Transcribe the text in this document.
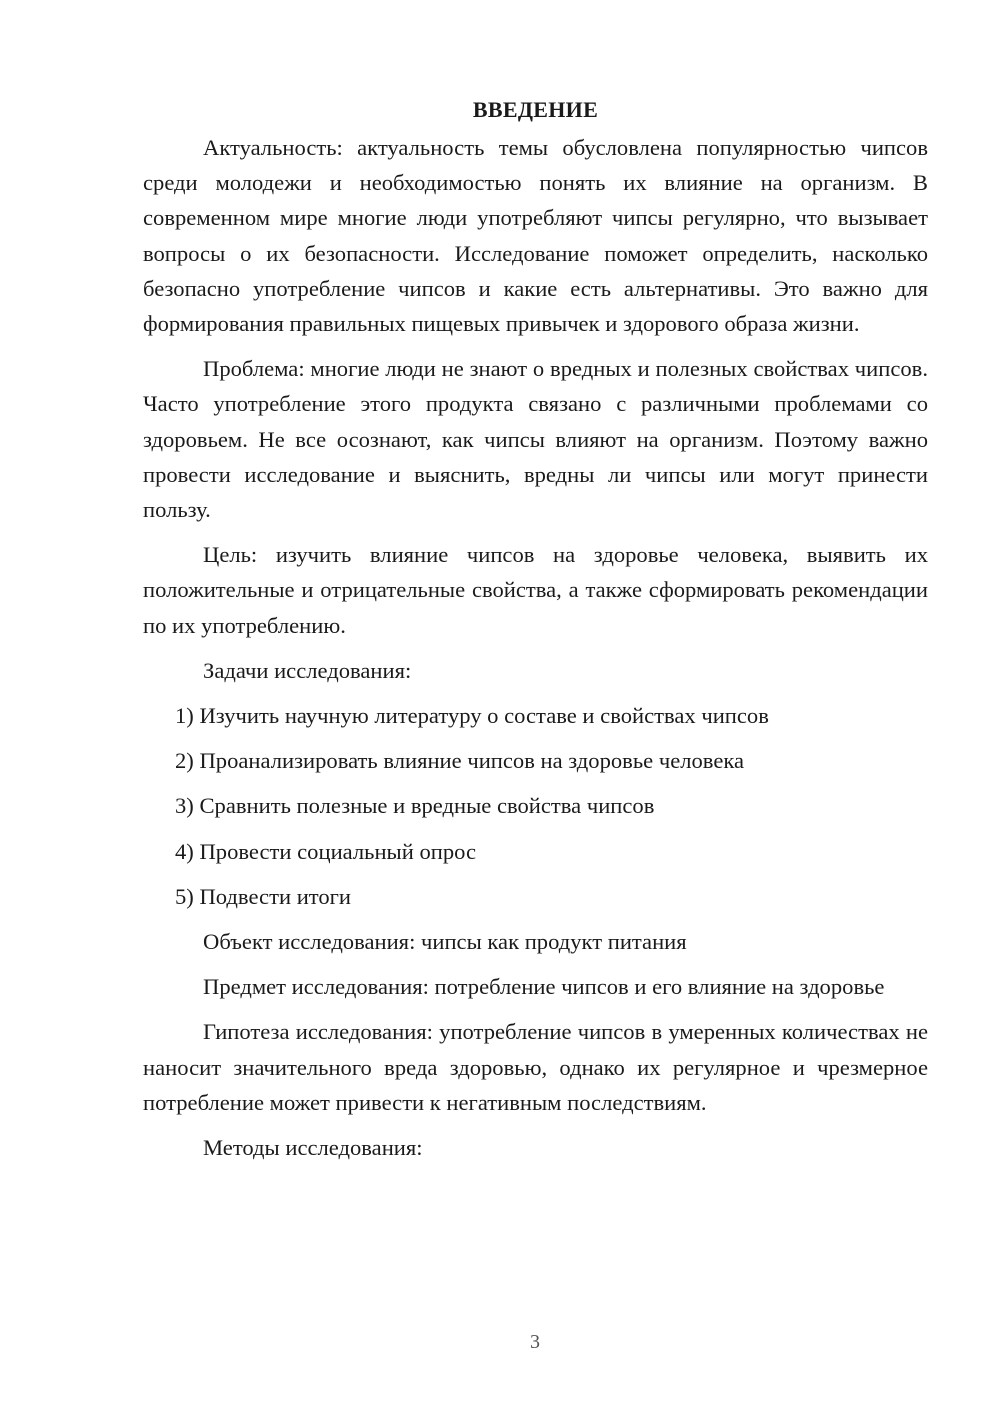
ВВЕДЕНИЕ

Актуальность: актуальность темы обусловлена популярностью чипсов среди молодежи и необходимостью понять их влияние на организм. В современном мире многие люди употребляют чипсы регулярно, что вызывает вопросы о их безопасности. Исследование поможет определить, насколько безопасно употребление чипсов и какие есть альтернативы. Это важно для формирования правильных пищевых привычек и здорового образа жизни.

Проблема: многие люди не знают о вредных и полезных свойствах чипсов. Часто употребление этого продукта связано с различными проблемами со здоровьем. Не все осознают, как чипсы влияют на организм. Поэтому важно провести исследование и выяснить, вредны ли чипсы или могут принести пользу.

Цель: изучить влияние чипсов на здоровье человека, выявить их положительные и отрицательные свойства, а также сформировать рекомендации по их употреблению.

Задачи исследования:

1) Изучить научную литературу о составе и свойствах чипсов
2) Проанализировать влияние чипсов на здоровье человека
3) Сравнить полезные и вредные свойства чипсов
4) Провести социальный опрос
5) Подвести итоги

Объект исследования: чипсы как продукт питания

Предмет исследования: потребление чипсов и его влияние на здоровье

Гипотеза исследования: употребление чипсов в умеренных количествах не наносит значительного вреда здоровью, однако их регулярное и чрезмерное потребление может привести к негативным последствиям.

Методы исследования:

3
